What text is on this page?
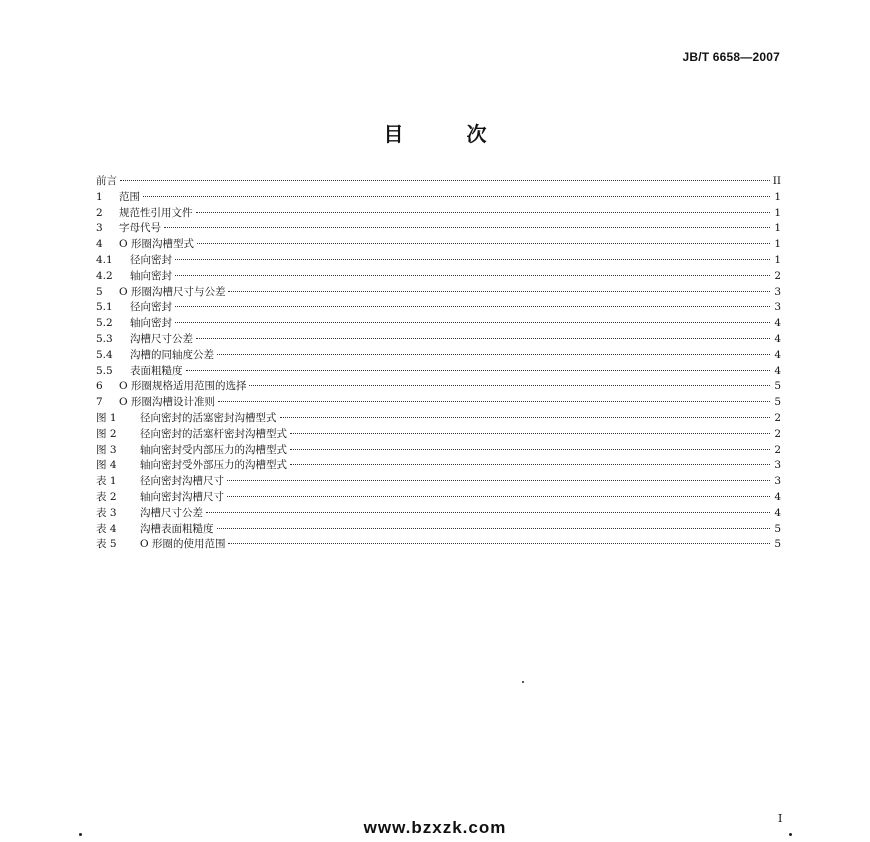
JB/T 6658—2007
目 次
前言	II
1	范围	1
2	规范性引用文件	1
3	字母代号	1
4	O 形圈沟槽型式	1
4.1	径向密封	1
4.2	轴向密封	2
5	O 形圈沟槽尺寸与公差	3
5.1	径向密封	3
5.2	轴向密封	4
5.3	沟槽尺寸公差	4
5.4	沟槽的同轴度公差	4
5.5	表面粗糙度	4
6	O 形圈规格适用范围的选择	5
7	O 形圈沟槽设计准则	5
图 1	径向密封的活塞密封沟槽型式	2
图 2	径向密封的活塞杆密封沟槽型式	2
图 3	轴向密封受内部压力的沟槽型式	2
图 4	轴向密封受外部压力的沟槽型式	3
表 1	径向密封沟槽尺寸	3
表 2	轴向密封沟槽尺寸	4
表 3	沟槽尺寸公差	4
表 4	沟槽表面粗糙度	5
表 5	O 形圈的使用范围	5
I
www.bzxzk.com
